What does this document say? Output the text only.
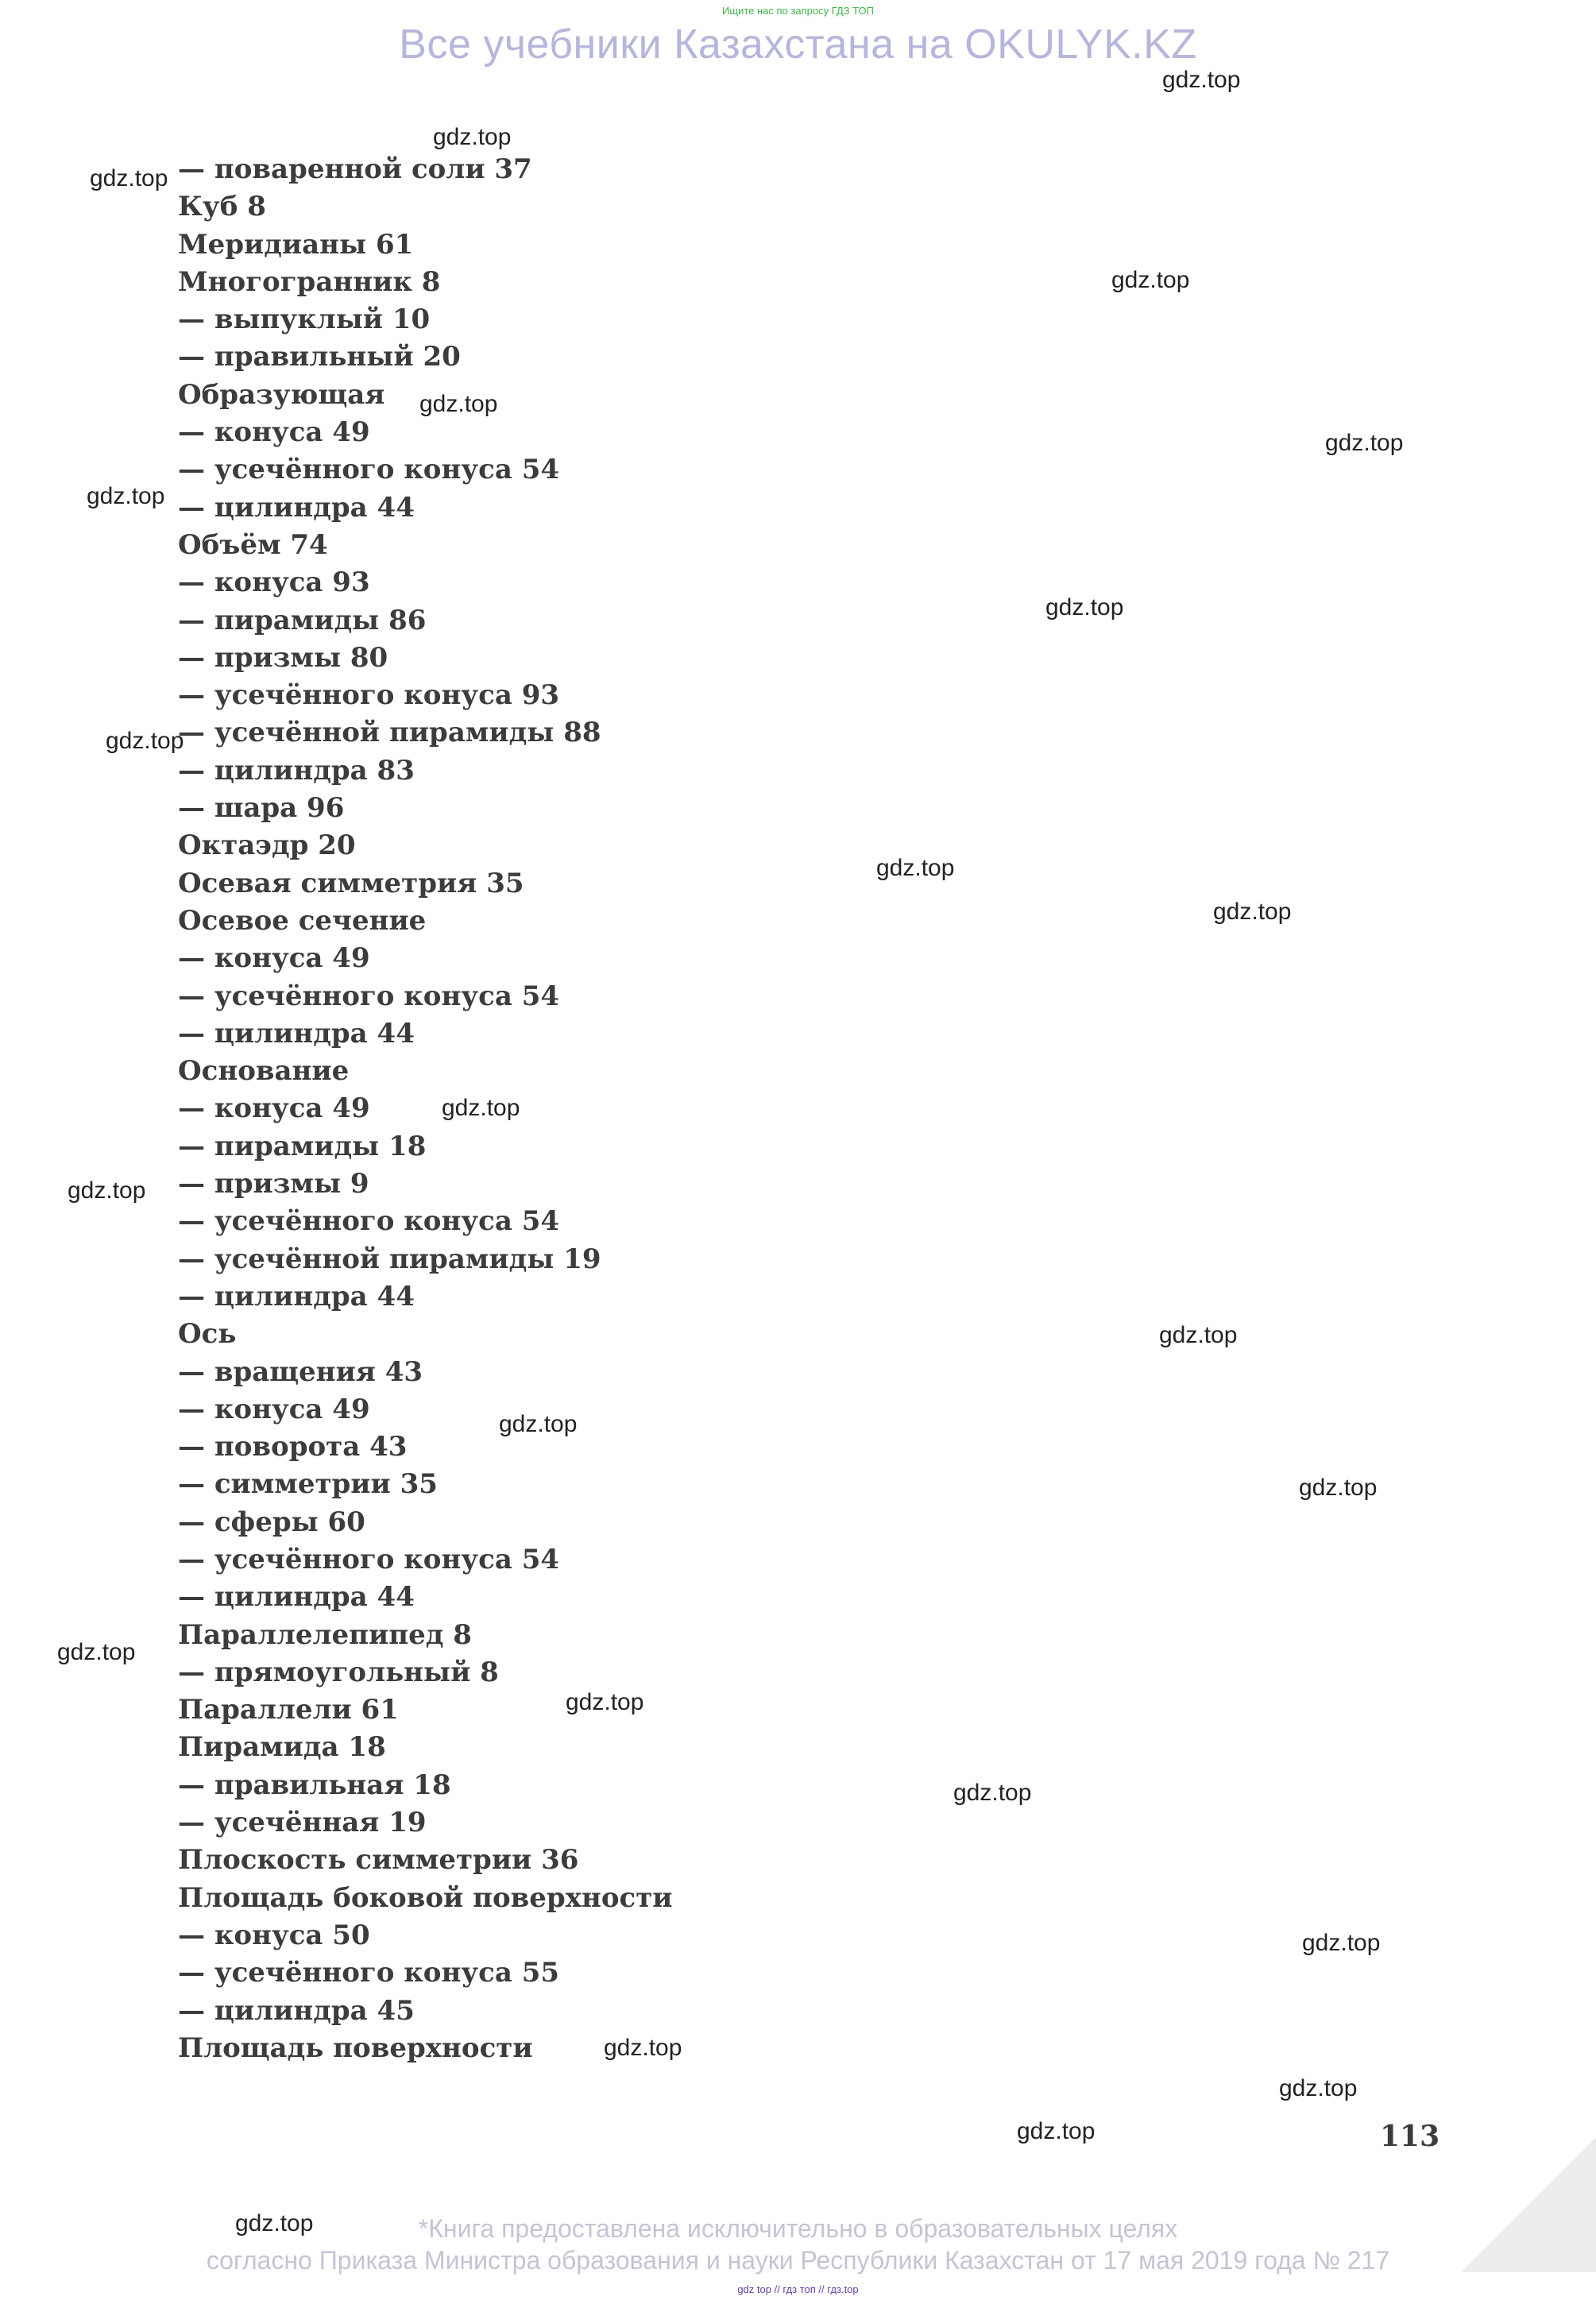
Ищите нас по запросу ГДЗ ТОП
Все учебники Казахстана на OKULYK.KZ
— поваренной соли 37
Куб 8
Меридианы 61
Многогранник 8
— выпуклый 10
— правильный 20
Образующая
— конуса 49
— усечённого конуса 54
— цилиндра 44
Объём 74
— конуса 93
— пирамиды 86
— призмы 80
— усечённого конуса 93
— усечённой пирамиды 88
— цилиндра 83
— шара 96
Октаэдр 20
Осевая симметрия 35
Осевое сечение
— конуса 49
— усечённого конуса 54
— цилиндра 44
Основание
— конуса 49
— пирамиды 18
— призмы 9
— усечённого конуса 54
— усечённой пирамиды 19
— цилиндра 44
Ось
— вращения 43
— конуса 49
— поворота 43
— симметрии 35
— сферы 60
— усечённого конуса 54
— цилиндра 44
Параллелепипед 8
— прямоугольный 8
Параллели 61
Пирамида 18
— правильная 18
— усечённая 19
Плоскость симметрии 36
Площадь боковой поверхности
— конуса 50
— усечённого конуса 55
— цилиндра 45
Площадь поверхности
113
gdz.top
gdz.top
gdz.top
gdz.top
gdz.top
gdz.top
gdz.top
gdz.top
gdz.top
gdz.top
gdz.top
gdz.top
gdz.top
gdz.top
gdz.top
gdz.top
gdz.top
gdz.top
gdz.top
gdz.top
gdz.top
gdz.top
gdz.top
gdz.top	*Книга предоставлена исключительно в образовательных целях
согласно Приказа Министра образования и науки Республики Казахстан от 17 мая 2019 года № 217
gdz top // гдз топ // гдз.top
